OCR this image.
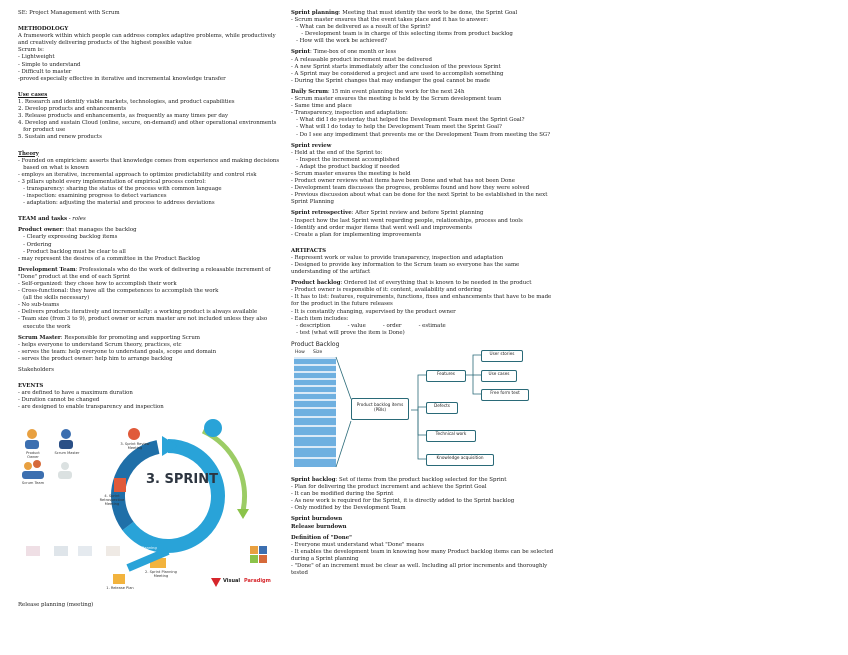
SE: Project Management with Scrum
METHODOLOGY
A framework within which people can address complex adaptive problems, while productively
and creatively delivering products of the highest possible value
Scrum is:
- Lightweight
- Simple to understand
- Difficult to master
-proved especially effective in iterative and incremental knowledge transfer
Use cases
1. Research and identify viable markets, technologies, and product capabilities
2. Develop products and enhancements
3. Release products and enhancements, as frequently as many times per day
4. Develop and sustain Cloud (online, secure, on-demand) and other operational environments
for product use
5. Sustain and renew products
Theory
- Founded on empiricism: asserts that knowledge comes from experience and making decisions
based on what is known
- employs an iterative, incremental approach to optimize predictability and control risk
- 3 pillars uphold every implementation of empirical process control:
- transparency: sharing the status of the process with common language
- inspection: examining progress to detect variances
- adaptation: adjusting the material and process to address deviations
TEAM and tasks - roles
Product owner: that manages the backlog
- Clearly expressing backlog items
- Ordering
- Product backlog must be clear to all
- may represent the desires of a committee in the Product Backlog
Development Team: Professionals who do the work of delivering a releasable increment of
"Done" product at the end of each Sprint
- Self-organized: they chose how to accomplish their work
- Cross-functional: they have all the competences to accomplish the work
(all the skills necessary)
- No sub-teams
- Delivers products iteratively and incrementally: a working product is always available
- Team size (from 3 to 9), product owner or scrum master are not included unless they also
execute the work
Scrum Master: Responsible for promoting and supporting Scrum
- helps everyone to understand Scrum theory, practices, etc
- serves the team: help everyone to understand goals, scope and domain
- serves the product owner: help him to arrange backlog
Stakeholders
EVENTS
- are defined to have a maximum duration
- Duration cannot be changed
- are designed to enable transparency and inspection
Product Owner
Scrum Master
Scrum Team	3. SPRINT
3. Sprint Review Meeting
4. Sprint Retrospective Meeting
2. Sprint Planning Meeting
1. Release Plan
Planning
Visual Paradigm
Release planning (meeting)
Sprint planning: Meeting that must identify the work to be done, the Sprint Goal
- Scrum master ensures that the event takes place and it has to answer:
- What can be delivered as a result of the Sprint?
- Development team is in charge of this selecting items from product backlog
- How will the work be achieved?
Sprint: Time-box of one month or less
- A releasable product increment must be delivered
- A new Sprint starts immediately after the conclusion of the previous Sprint
- A Sprint may be considered a project and are used to accomplish something
- During the Sprint changes that may endanger the goal cannot be made
Daily Scrum: 15 min event planning the work for the next 24h
- Scrum master ensures the meeting is held by the Scrum development team
- Same time and place
- Transparency, inspection and adaptation:
- What did I do yesterday that helped the Development Team meet the Sprint Goal?
- What will I do today to help the Development Team meet the Sprint Goal?
- Do I see any impediment that prevents me or the Development Team from meeting the SG?
Sprint review
- Held at the end of the Sprint to:
- Inspect the increment accomplished
- Adapt the product backlog if needed
- Scrum master ensures the meeting is held
- Product owner reviews what items have been Done and what has not been Done
- Development team discusses the progress, problems found and how they were solved
- Previous discussion about what can be done for the next Sprint to be established in the next
Sprint Planning
Sprint retrospective: After Sprint review and before Sprint planning
- Inspect how the last Sprint went regarding people, relationships, process and tools
- Identify and order major items that went well and improvements
- Create a plan for implementing improvements
ARTIFACTS
- Represent work or value to provide transparency, inspection and adaptation
- Designed to provide key information to the Scrum team so everyone has the same
understanding of the artifact
Product backlog: Ordered list of everything that is known to be needed in the product
- Product owner is responsible of it: content, availability and ordering
- It has to list: features, requirements, functions, fixes and enhancements that have to be made
for the product in the future releases
- It is constantly changing, supervised by the product owner
- Each item includes:
- description          - value          - order          - estimate
- test (what will prove the item is Done)
Product Backlog
How Size
Product backlog items (PBIs)
Features
Defects
Technical work
Knowledge acquisition
User stories
Use cases
Free form text
Sprint backlog: Set of items from the product backlog selected for the Sprint
- Plan for delivering the product increment and achieve the Sprint Goal
- It can be modified during the Sprint
- As new work is required for the Sprint, it is directly added to the Sprint backlog
- Only modified by the Development Team
Sprint burndown
Release burndown
Definition of "Done"
- Everyone must understand what "Done" means
- It enables the development team in knowing how many Product backlog items can be selected
during a Sprint planning
- "Done" of an increment must be clear as well. Including all prior increments and thoroughly
tested
